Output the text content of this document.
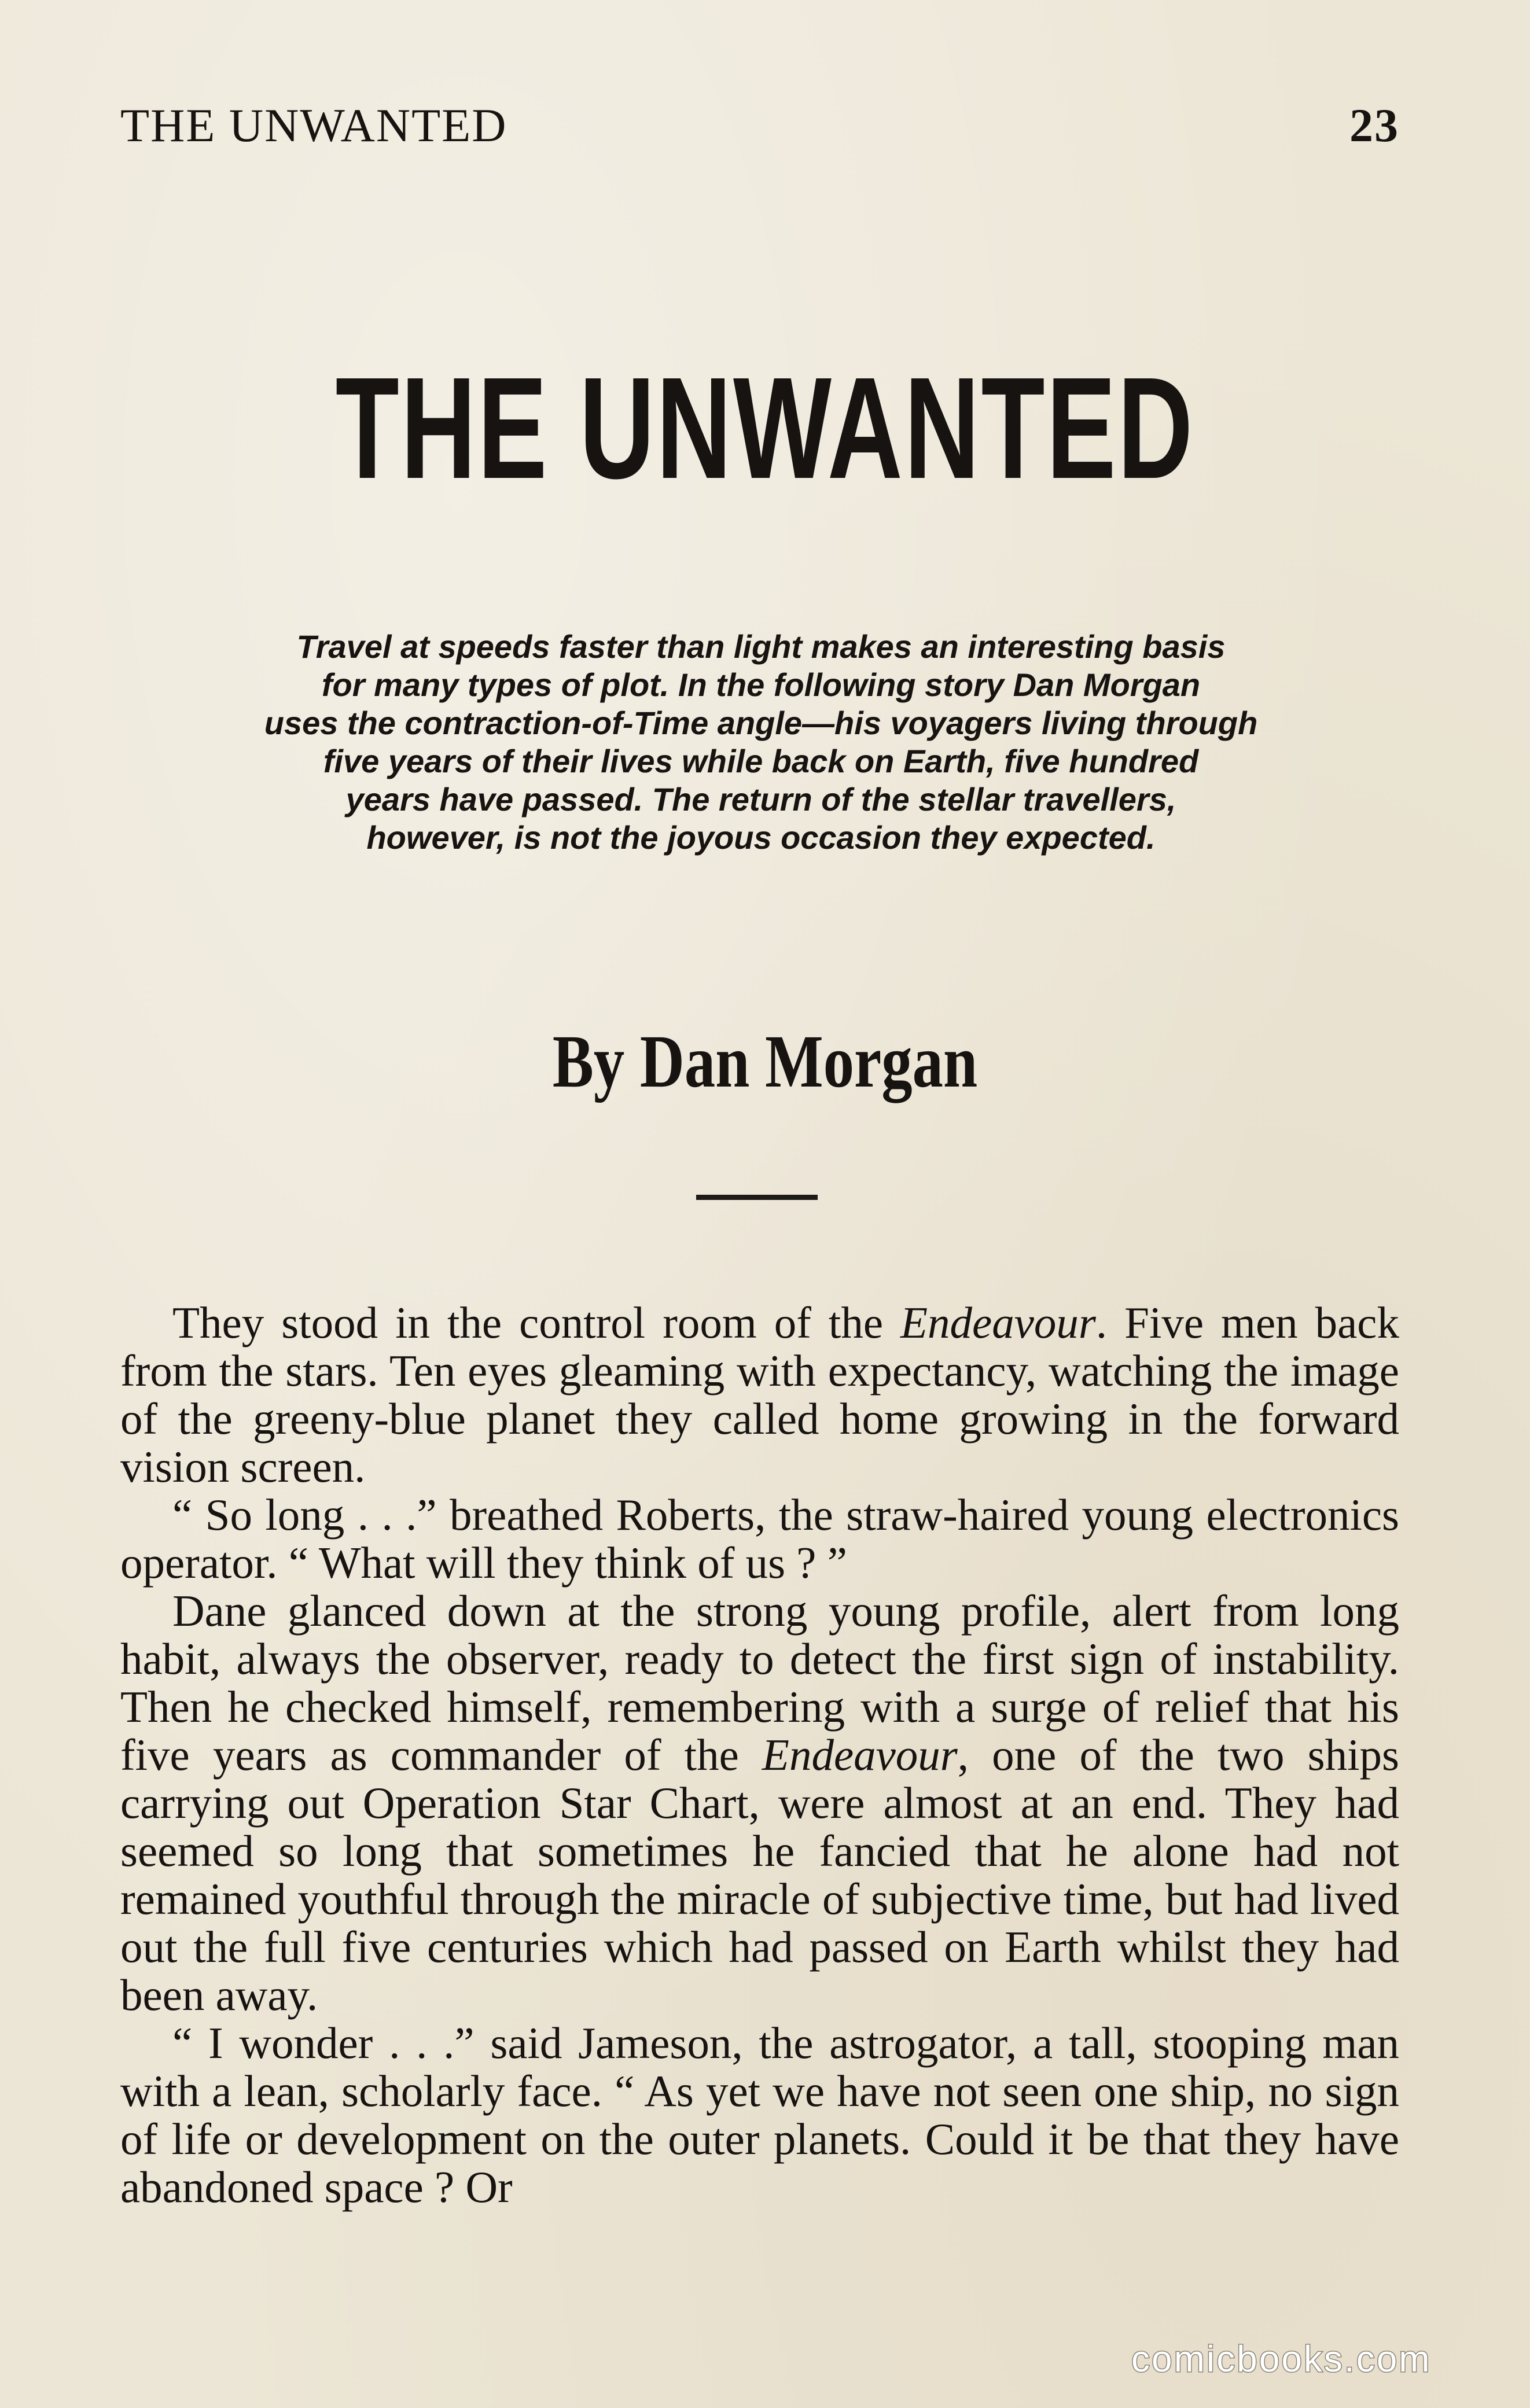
THE UNWANTED	23
THE UNWANTED
Travel at speeds faster than light makes an interesting basis
for many types of plot. In the following story Dan Morgan
uses the contraction-of-Time angle—his voyagers living through
five years of their lives while back on Earth, five hundred
years have passed. The return of the stellar travellers,
however, is not the joyous occasion they expected.
By Dan Morgan

They stood in the control room of the Endeavour. Five men back from the stars. Ten eyes gleaming with expectancy, watching the image of the greeny-blue planet they called home growing in the forward vision screen.

“ So long . . .” breathed Roberts, the straw-haired young electronics operator. “ What will they think of us ? ”

Dane glanced down at the strong young profile, alert from long habit, always the observer, ready to detect the first sign of instability. Then he checked himself, remembering with a surge of relief that his five years as commander of the Endeavour, one of the two ships carrying out Operation Star Chart, were almost at an end. They had seemed so long that sometimes he fancied that he alone had not remained youthful through the miracle of subjective time, but had lived out the full five centuries which had passed on Earth whilst they had been away.

“ I wonder . . .” said Jameson, the astrogator, a tall, stooping man with a lean, scholarly face. “ As yet we have not seen one ship, no sign of life or development on the outer planets. Could it be that they have abandoned space ? Or

comicbooks.com
